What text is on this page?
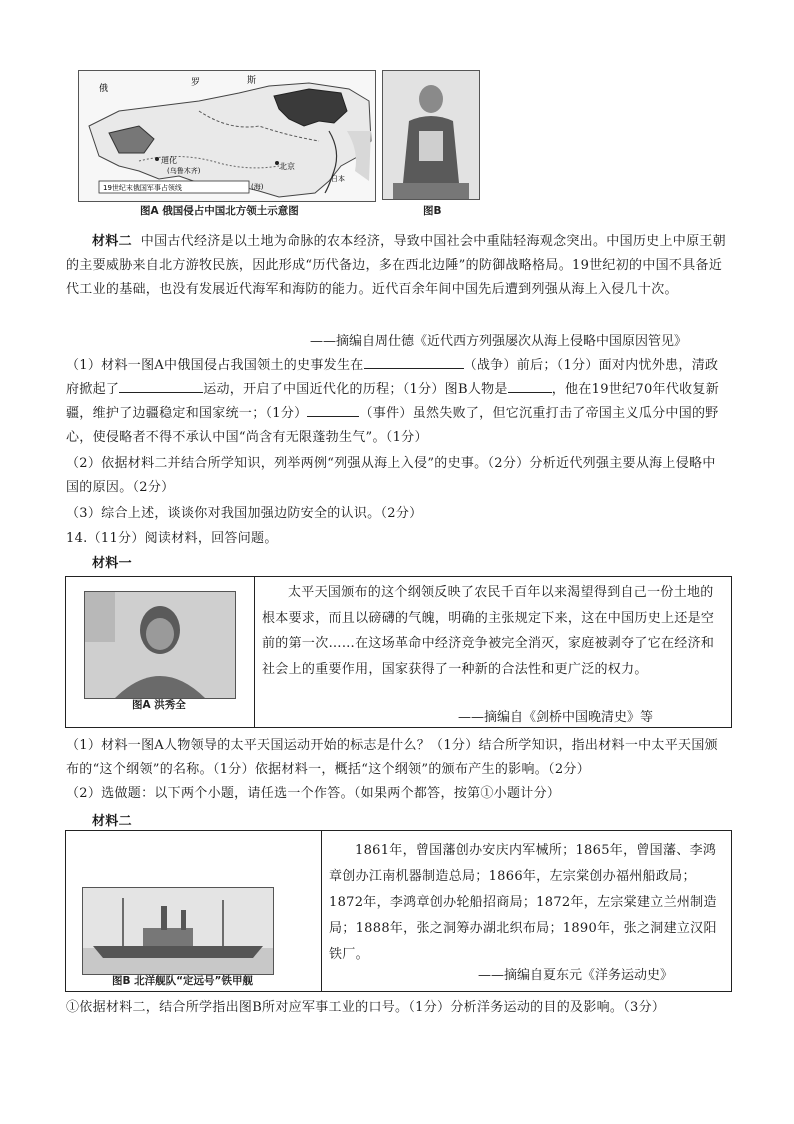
俄
罗	斯
迪化
(乌鲁木齐)	北京
日本
19世纪末俄国军事占领线	(海)
图A 俄国侵占中国北方领土示意图	图B
材料二 中国古代经济是以土地为命脉的农本经济，导致中国社会中重陆轻海观念突出。中国历史上中原王朝的主要威胁来自北方游牧民族，因此形成“历代备边，多在西北边陲”的防御战略格局。19世纪初的中国不具备近代工业的基础，也没有发展近代海军和海防的能力。近代百余年间中国先后遭到列强从海上入侵几十次。
——摘编自周仕德《近代西方列强屡次从海上侵略中国原因管见》
（1）材料一图A中俄国侵占我国领土的史事发生在	（战争）前后；（1分）面对内忧外患，清政府掀起了	运动，开启了中国近代化的历程；（1分）图B人物是	，他在19世纪70年代收复新疆，维护了边疆稳定和国家统一；（1分）	（事件）虽然失败了，但它沉重打击了帝国主义瓜分中国的野心，使侵略者不得不承认中国“尚含有无限蓬勃生气”。（1分）
（2）依据材料二并结合所学知识，列举两例“列强从海上入侵”的史事。（2分）分析近代列强主要从海上侵略中国的原因。（2分）
（3）综合上述，谈谈你对我国加强边防安全的认识。（2分）
14.（11分）阅读材料，回答问题。
材料一
图A 洪秀全
太平天国颁布的这个纲领反映了农民千百年以来渴望得到自己一份土地的根本要求，而且以磅礴的气魄，明确的主张规定下来，这在中国历史上还是空前的第一次……在这场革命中经济竞争被完全消灭，家庭被剥夺了它在经济和社会上的重要作用，国家获得了一种新的合法性和更广泛的权力。
——摘编自《剑桥中国晚清史》等
（1）材料一图A人物领导的太平天国运动开始的标志是什么？（1分）结合所学知识，指出材料一中太平天国颁布的“这个纲领”的名称。（1分）依据材料一，概括“这个纲领”的颁布产生的影响。（2分）
（2）选做题：以下两个小题，请任选一个作答。（如果两个都答，按第①小题计分）
材料二
图B 北洋舰队“定远号”铁甲舰
1861年，曾国藩创办安庆内军械所；1865年，曾国藩、李鸿章创办江南机器制造总局；1866年，左宗棠创办福州船政局；1872年，李鸿章创办轮船招商局；1872年，左宗棠建立兰州制造局；1888年，张之洞筹办湖北织布局；1890年，张之洞建立汉阳铁厂。
——摘编自夏东元《洋务运动史》
①依据材料二，结合所学指出图B所对应军事工业的口号。（1分）分析洋务运动的目的及影响。（3分）
